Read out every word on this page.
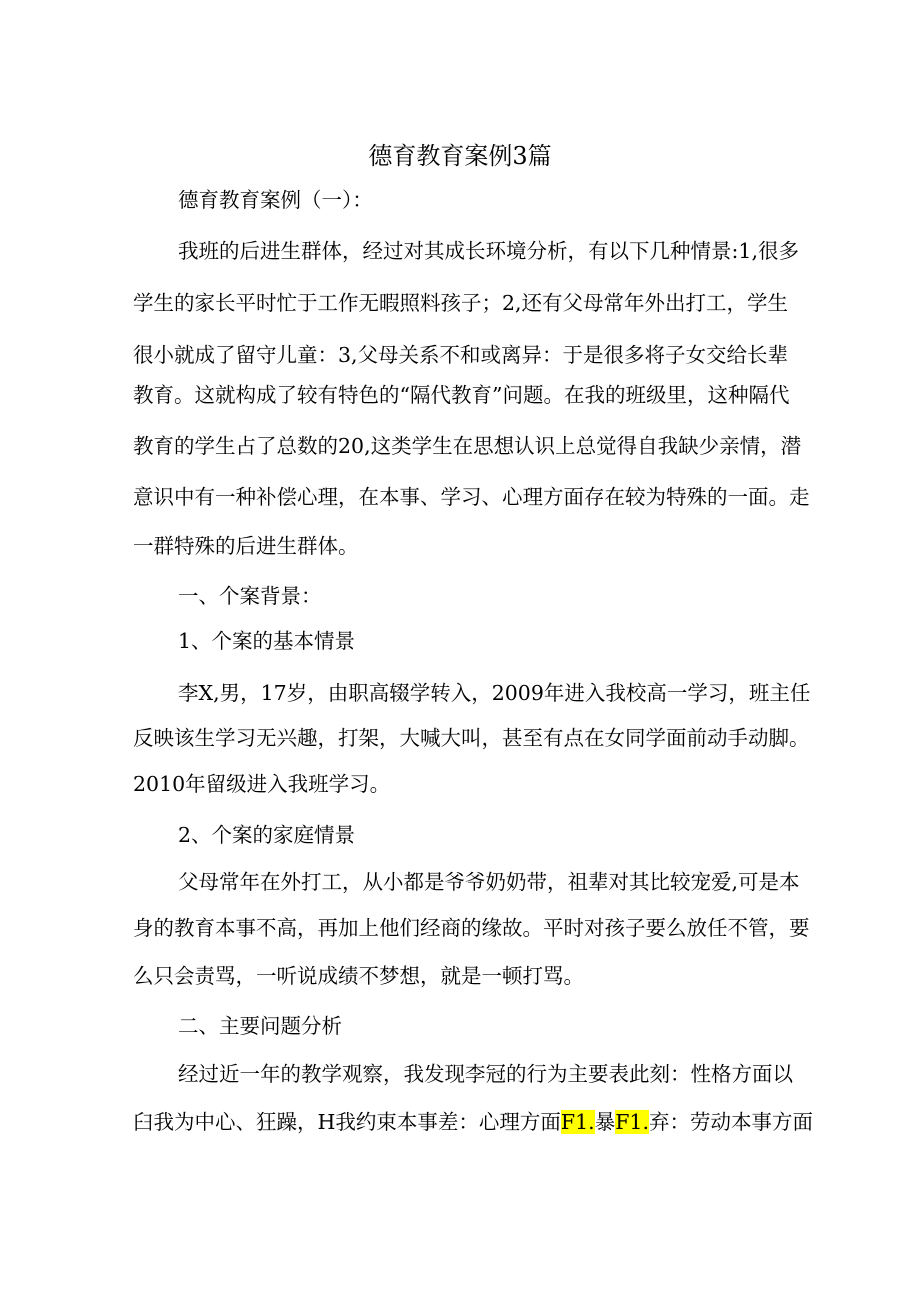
德育教育案例3篇
德育教育案例（一）：
我班的后进生群体，经过对其成长环境分析，有以下几种情景:1,很多
学生的家长平时忙于工作无暇照料孩子；2,还有父母常年外出打工，学生
很小就成了留守儿童：3,父母关系不和或离异：于是很多将子女交给长辈
教育。这就构成了较有特色的“隔代教育”问题。在我的班级里，这种隔代
教育的学生占了总数的20,这类学生在思想认识上总觉得自我缺少亲情，潜
意识中有一种补偿心理，在本事、学习、心理方面存在较为特殊的一面。走
一群特殊的后进生群体。
一、个案背景：
1、个案的基本情景
李X,男，17岁，由职高辍学转入，2009年进入我校高一学习，班主任
反映该生学习无兴趣，打架，大喊大叫，甚至有点在女同学面前动手动脚。
2010年留级进入我班学习。
2、个案的家庭情景
父母常年在外打工，从小都是爷爷奶奶带，祖辈对其比较宠爱,可是本
身的教育本事不高，再加上他们经商的缘故。平时对孩子要么放任不管，要
么只会责骂，一听说成绩不梦想，就是一顿打骂。
二、主要问题分析
经过近一年的教学观察，我发现李冠的行为主要表此刻：性格方面以
臼我为中心、狂躁，H我约束本事差：心理方面F1.暴F1.弃：劳动本事方面
